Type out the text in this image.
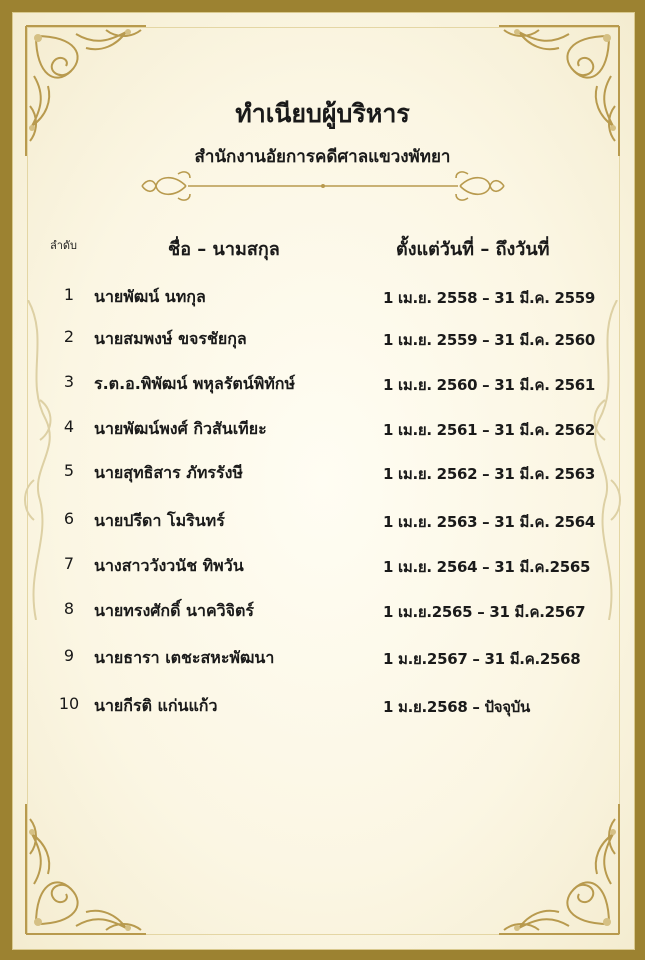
ทำเนียบผู้บริหาร
สำนักงานอัยการคดีศาลแขวงพัทยา
ลำดับ	ชื่อ – นามสกุล	ตั้งแต่วันที่ – ถึงวันที่
1	นายพัฒน์ นทกุล	1 เม.ย. 2558 – 31 มี.ค. 2559
2	นายสมพงษ์ ขจรชัยกุล	1 เม.ย. 2559 – 31 มี.ค. 2560
3	ร.ต.อ.พิพัฒน์ พหุลรัตน์พิทักษ์	1 เม.ย. 2560 – 31 มี.ค. 2561
4	นายพัฒน์พงศ์ กิวสันเทียะ	1 เม.ย. 2561 – 31 มี.ค. 2562
5	นายสุทธิสาร ภัทรรังษี	1 เม.ย. 2562 – 31 มี.ค. 2563
6	นายปรีดา โมรินทร์	1 เม.ย. 2563 – 31 มี.ค. 2564
7	นางสาววังวนัช ทิพวัน	1 เม.ย. 2564 – 31 มี.ค.2565
8	นายทรงศักดิ์ นาควิจิตร์	1 เม.ย.2565 – 31 มี.ค.2567
9	นายธารา เตชะสหะพัฒนา	1 ม.ย.2567 – 31 มี.ค.2568
10 นายกีรติ แก่นแก้ว	1 ม.ย.2568 – ปัจจุบัน
